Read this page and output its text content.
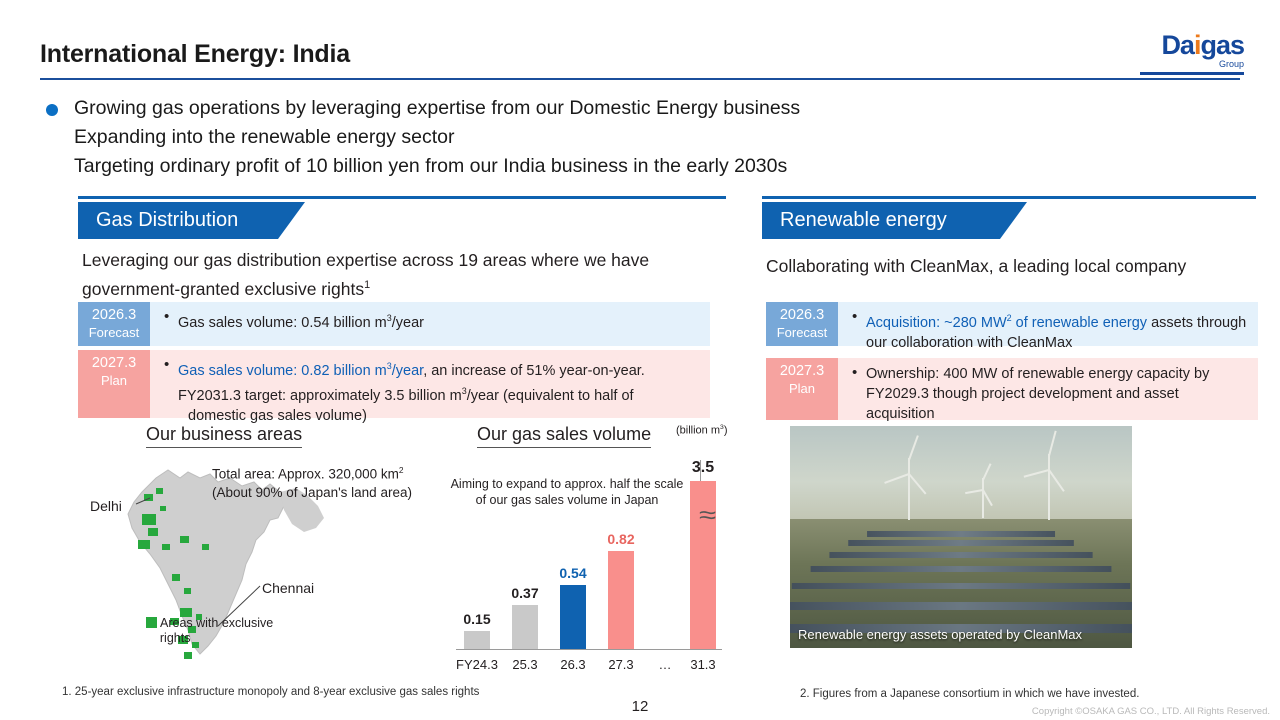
International Energy: India	Daigas
Group
Growing gas operations by leveraging expertise from our Domestic Energy business
Expanding into the renewable energy sector
Targeting ordinary profit of 10 billion yen from our India business in the early 2030s
Gas Distribution
Leveraging our gas distribution expertise across 19 areas where we have government-granted exclusive rights$^1$
2026.3
Forecast
• Gas sales volume: 0.54 billion $m^3$/year
2027.3
Plan
• Gas sales volume: 0.82 billion $m^3$/year, an increase of 51% year-on-year.
FY2031.3 target: approximately 3.5 billion $m^3$/year (equivalent to half of
domestic gas sales volume)
Our business areas	Our gas sales volume (billion $m^3$)
Total area: Approx. 320,000 $km^2$
(About 90% of Japan's land area)
Delhi
Chennai
Areas with exclusive
rights
Aiming to expand to approx. half the scale of our gas sales volume in Japan
0.15
0.37
0.54
0.82
3.5
≈
FY24.3	25.3	26.3	27.3	…	31.3
Renewable energy
Collaborating with CleanMax, a leading local company
2026.3
Forecast
• Acquisition: ~280 $MW^2$ of renewable energy assets through our collaboration with CleanMax
2027.3
Plan
• Ownership: 400 MW of renewable energy capacity by FY2029.3 though project development and asset acquisition
Renewable energy assets operated by CleanMax
1. 25-year exclusive infrastructure monopoly and 8-year exclusive gas sales rights	2. Figures from a Japanese consortium in which we have invested.
12	Copyright ©OSAKA GAS CO., LTD. All Rights Reserved.
